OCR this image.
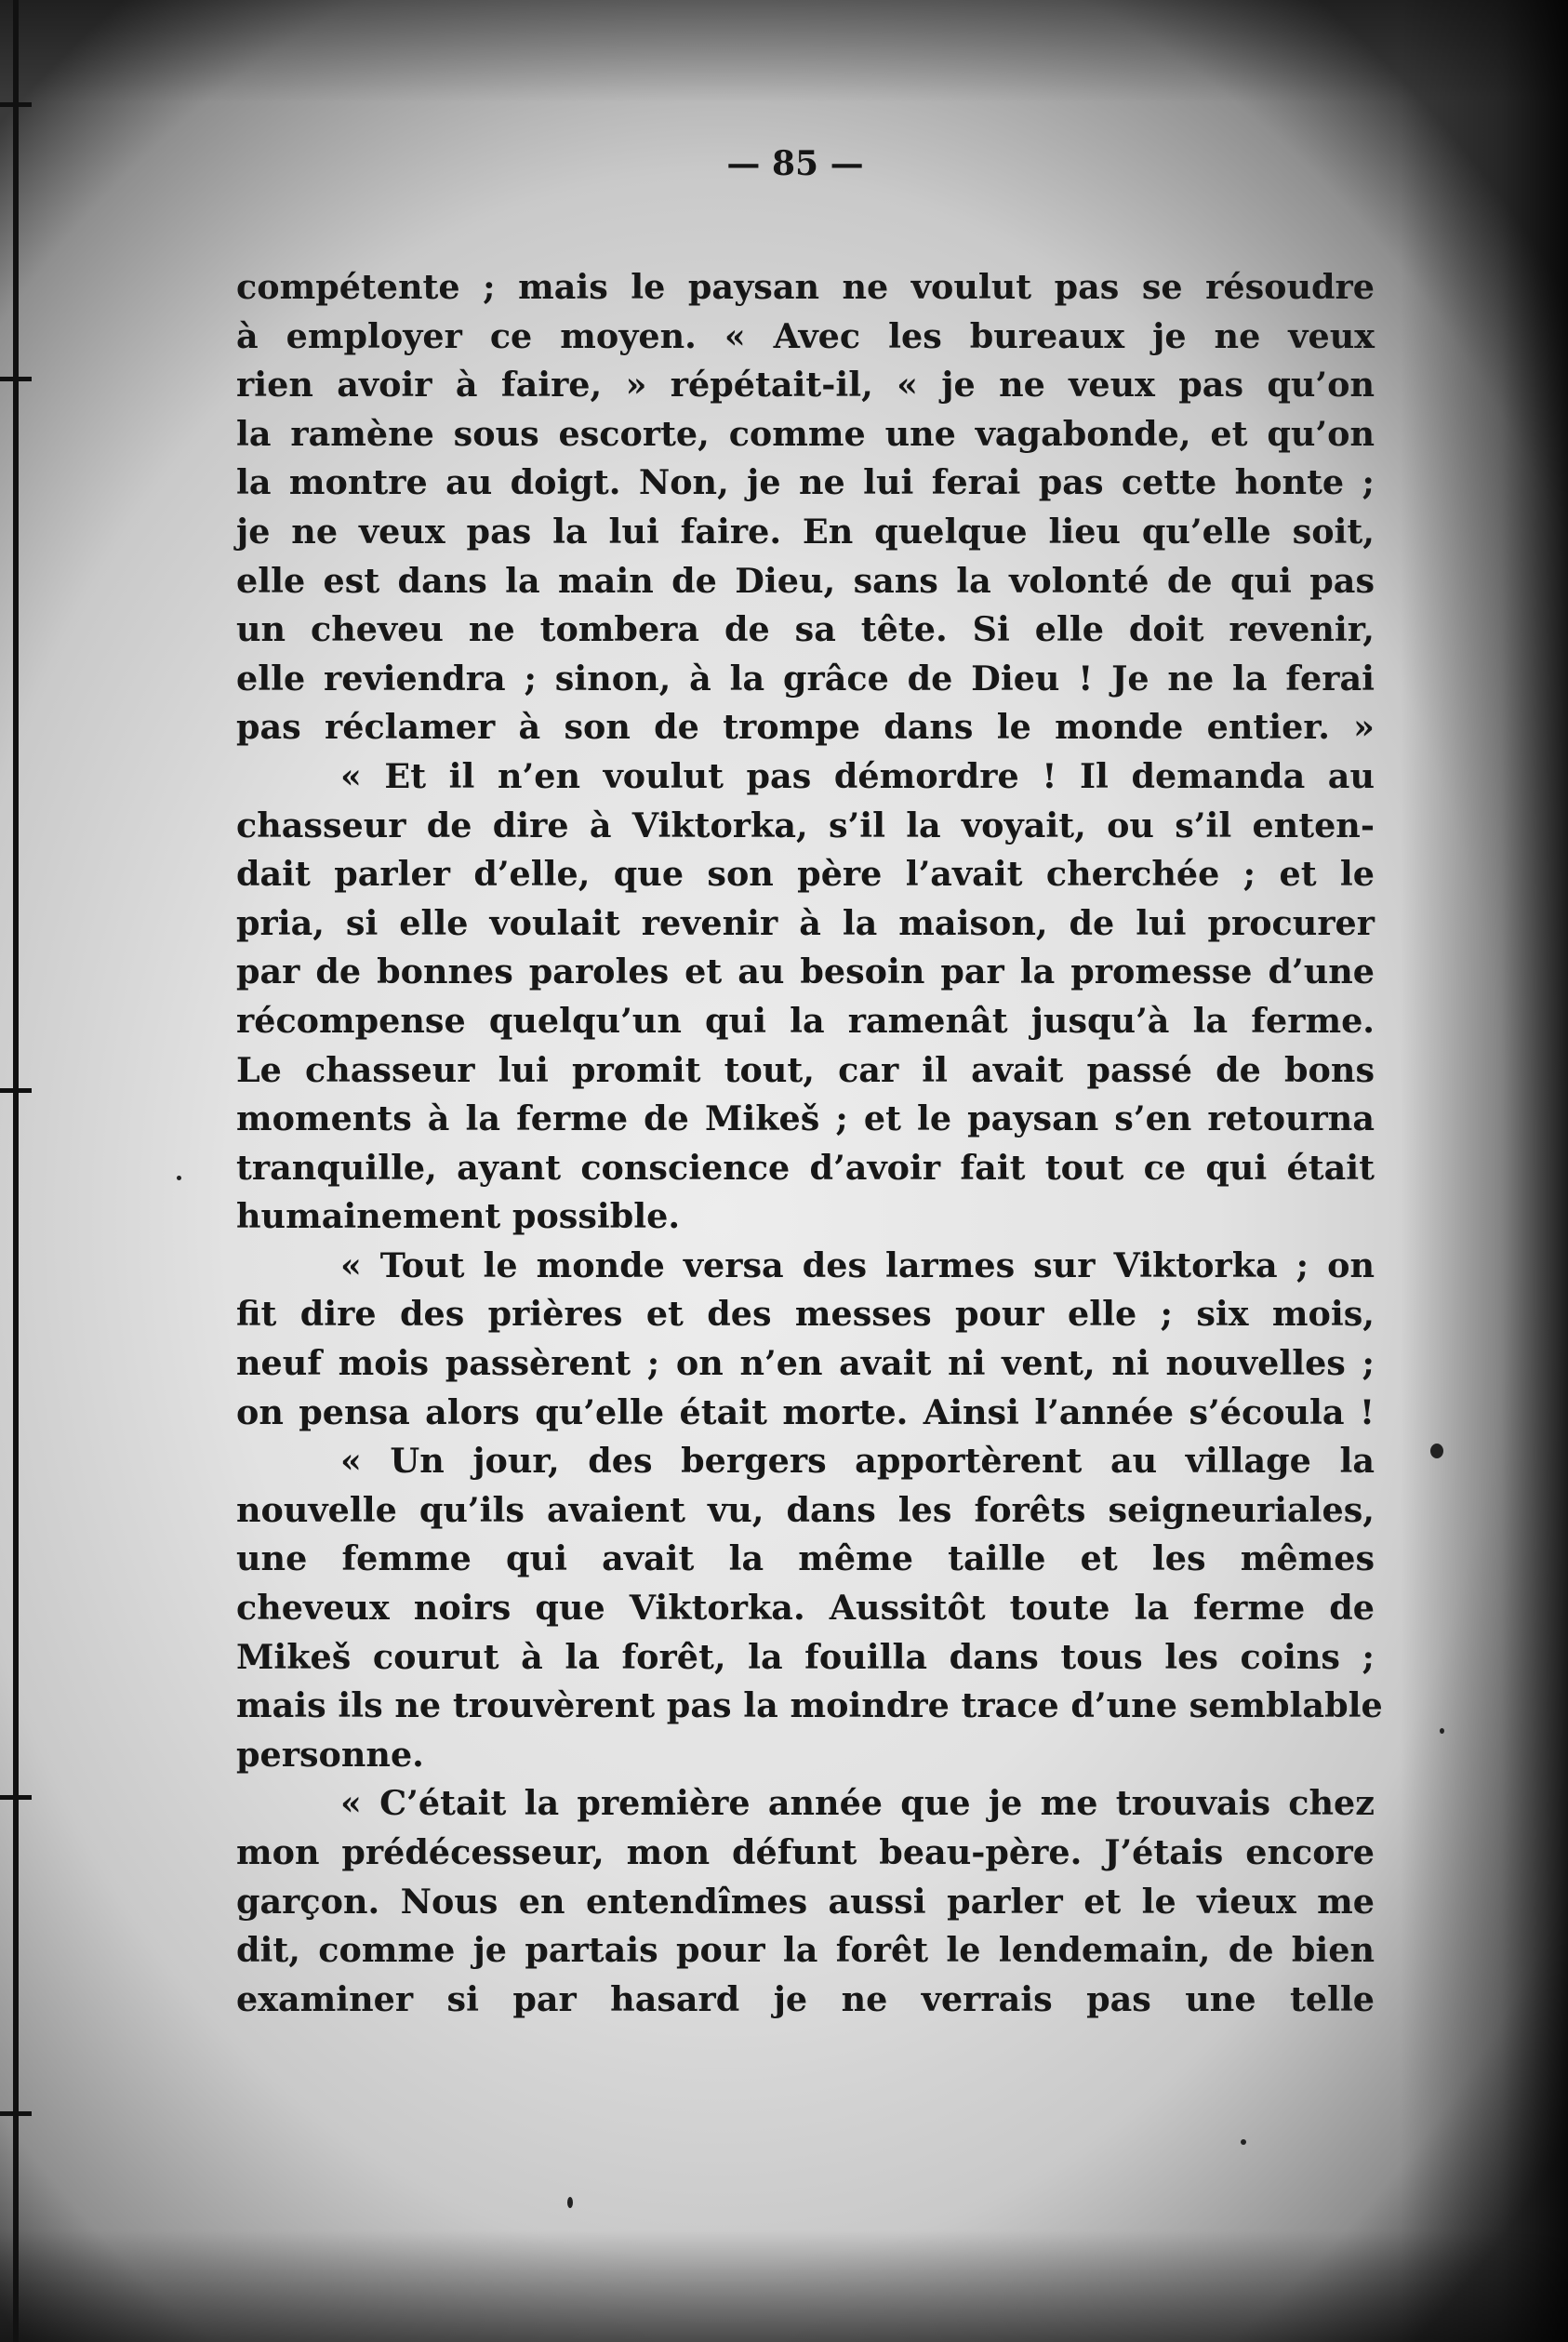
— 85 —
compétente ; mais le paysan ne voulut pas se résoudre
à employer ce moyen. « Avec les bureaux je ne veux
rien avoir à faire, » répétait-il, « je ne veux pas qu’on
la ramène sous escorte, comme une vagabonde, et qu’on
la montre au doigt. Non, je ne lui ferai pas cette honte ;
je ne veux pas la lui faire. En quelque lieu qu’elle soit,
elle est dans la main de Dieu, sans la volonté de qui pas
un cheveu ne tombera de sa tête. Si elle doit revenir,
elle reviendra ; sinon, à la grâce de Dieu ! Je ne la ferai
pas réclamer à son de trompe dans le monde entier. »
« Et il n’en voulut pas démordre ! Il demanda au
chasseur de dire à Viktorka, s’il la voyait, ou s’il enten-
dait parler d’elle, que son père l’avait cherchée ; et le
pria, si elle voulait revenir à la maison, de lui procurer
par de bonnes paroles et au besoin par la promesse d’une
récompense quelqu’un qui la ramenât jusqu’à la ferme.
Le chasseur lui promit tout, car il avait passé de bons
moments à la ferme de Mikeš ; et le paysan s’en retourna
tranquille, ayant conscience d’avoir fait tout ce qui était
humainement possible.
« Tout le monde versa des larmes sur Viktorka ; on
fit dire des prières et des messes pour elle ; six mois,
neuf mois passèrent ; on n’en avait ni vent, ni nouvelles ;
on pensa alors qu’elle était morte. Ainsi l’année s’écoula !
« Un jour, des bergers apportèrent au village la
nouvelle qu’ils avaient vu, dans les forêts seigneuriales,
une femme qui avait la même taille et les mêmes
cheveux noirs que Viktorka. Aussitôt toute la ferme de
Mikeš courut à la forêt, la fouilla dans tous les coins ;
mais ils ne trouvèrent pas la moindre trace d’une semblable
personne.
« C’était la première année que je me trouvais chez
mon prédécesseur, mon défunt beau-père. J’étais encore
garçon. Nous en entendîmes aussi parler et le vieux me
dit, comme je partais pour la forêt le lendemain, de bien
examiner si par hasard je ne verrais pas une telle
